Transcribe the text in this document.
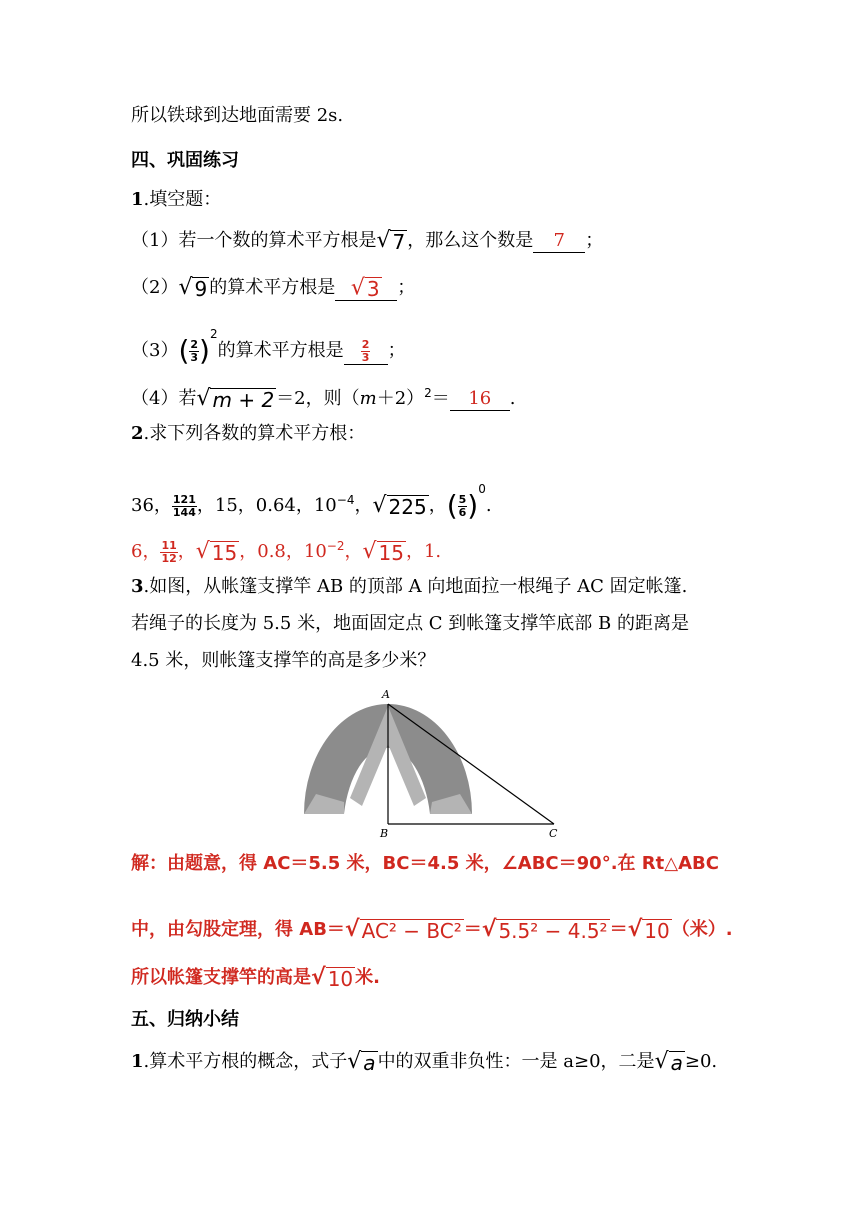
所以铁球到达地面需要 2s.
四、巩固练习
1.填空题：
（1）若一个数的算术平方根是√ 7 ，那么这个数是 7 ；
（2）√ 9 的算术平方根是 √ 3 ；
$(3)( \frac{2}{3} )^2$的算术平方根是 $\frac{2}{3}$ ；
（4）若√ m + 2 ＝2，则$(m+2)^2= 16$ .
2.求下列各数的算术平方根：
36， $\frac{121}{144}$ ，15，0.64，$10^{-4}$，√ 225 ，( $\frac{5}{6} )^0$.
6， $\frac{11}{12}$ ，√ 15 ，0.8，$10^{-2}$，√ 15 ，1.
3.如图，从帐篷支撑竿 AB 的顶部 A 向地面拉一根绳子 AC 固定帐篷.
若绳子的长度为 5.5 米，地面固定点 C 到帐篷支撑竿底部 B 的距离是
4.5 米，则帐篷支撑竿的高是多少米？
A
B	C
解：由题意，得 AC＝5.5 米，BC＝4.5 米，∠ABC＝90°.在 Rt△ABC
中，由勾股定理，得 AB＝√ AC² − BC² ＝√ 5.5² − 4.5² ＝√ 10 （米）.
所以帐篷支撑竿的高是√ 10 米.
五、归纳小结
1.算术平方根的概念，式子√ a 中的双重非负性：一是 a≥0，二是√ a ≥0.
